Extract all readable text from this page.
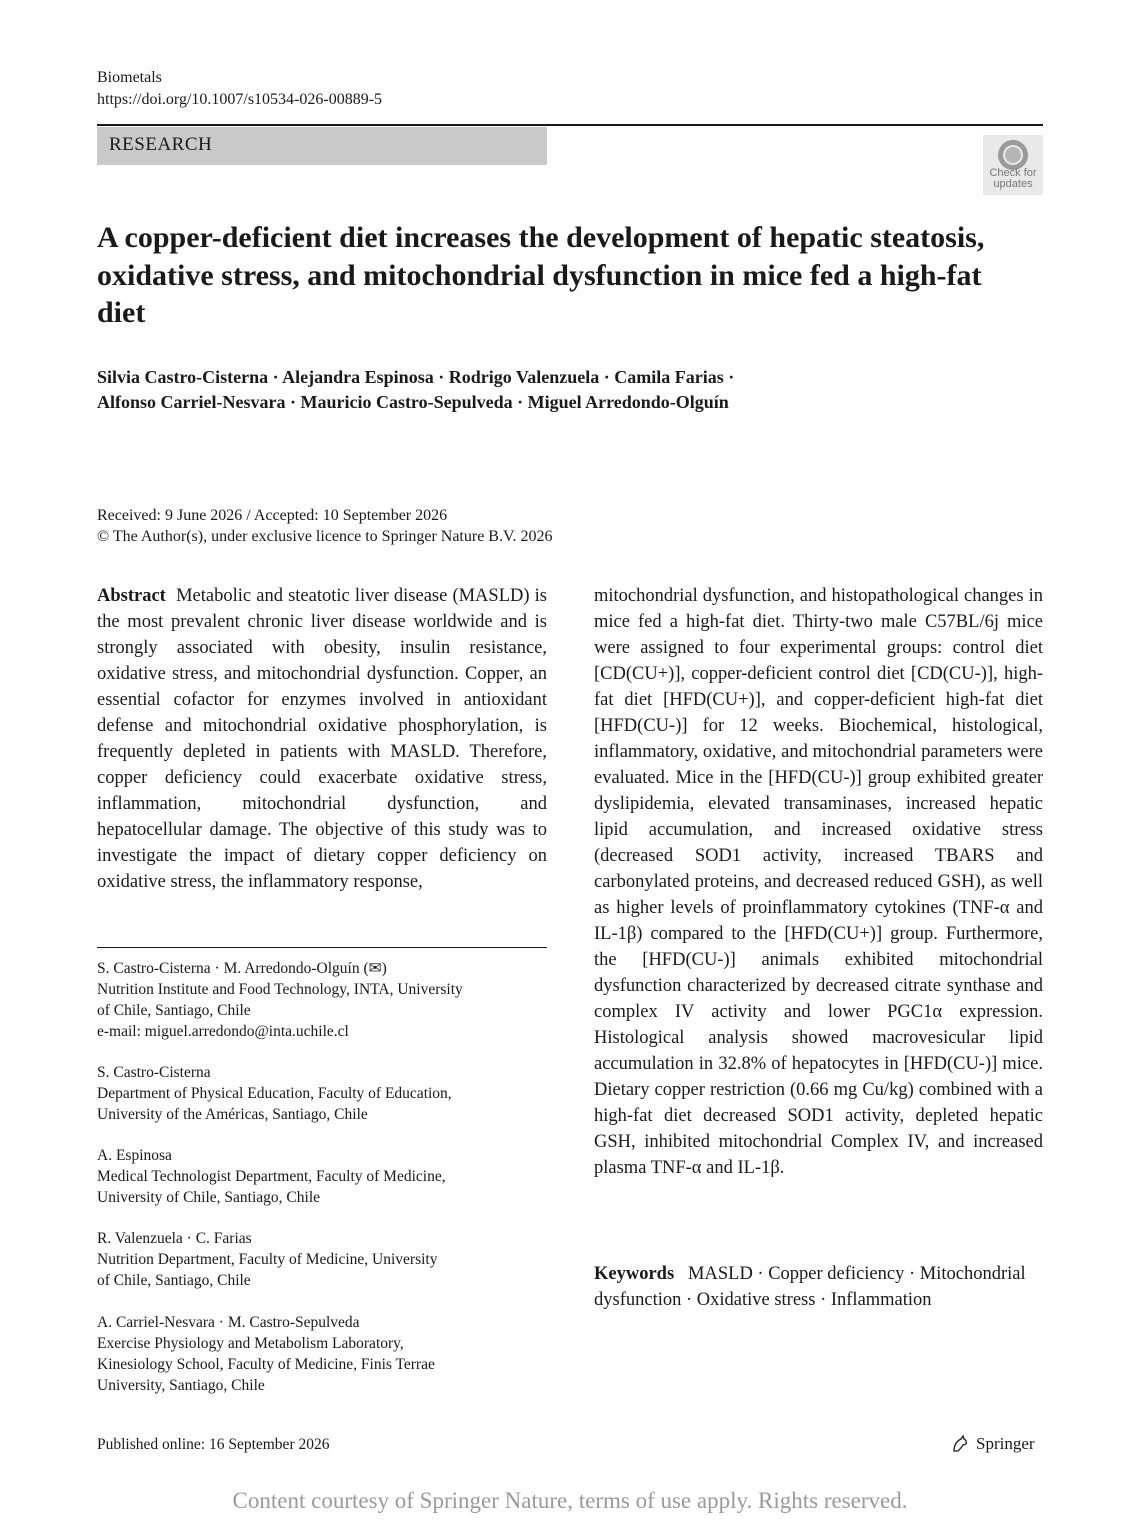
Biometals
https://doi.org/10.1007/s10534-026-00889-5
RESEARCH
Check for
updates
A copper-deficient diet increases the development of hepatic steatosis, oxidative stress, and mitochondrial dysfunction in mice fed a high-fat diet
Silvia Castro-Cisterna · Alejandra Espinosa · Rodrigo Valenzuela · Camila Farias ·
Alfonso Carriel-Nesvara · Mauricio Castro-Sepulveda · Miguel Arredondo-Olguín
Received: 9 June 2026 / Accepted: 10 September 2026
© The Author(s), under exclusive licence to Springer Nature B.V. 2026
Abstract Metabolic and steatotic liver disease (MASLD) is the most prevalent chronic liver disease worldwide and is strongly associated with obesity, insulin resistance, oxidative stress, and mitochondrial dysfunction. Copper, an essential cofactor for enzymes involved in antioxidant defense and mitochondrial oxidative phosphorylation, is frequently depleted in patients with MASLD. Therefore, copper deficiency could exacerbate oxidative stress, inflammation, mitochondrial dysfunction, and hepatocellular damage. The objective of this study was to investigate the impact of dietary copper deficiency on oxidative stress, the inflammatory response,
mitochondrial dysfunction, and histopathological changes in mice fed a high-fat diet. Thirty-two male C57BL/6j mice were assigned to four experimental groups: control diet [CD(CU+)], copper-deficient control diet [CD(CU-)], high-fat diet [HFD(CU+)], and copper-deficient high-fat diet [HFD(CU-)] for 12 weeks. Biochemical, histological, inflammatory, oxidative, and mitochondrial parameters were evaluated. Mice in the [HFD(CU-)] group exhibited greater dyslipidemia, elevated transaminases, increased hepatic lipid accumulation, and increased oxidative stress (decreased SOD1 activity, increased TBARS and carbonylated proteins, and decreased reduced GSH), as well as higher levels of proinflammatory cytokines (TNF-α and IL-1β) compared to the [HFD(CU+)] group. Furthermore, the [HFD(CU-)] animals exhibited mitochondrial dysfunction characterized by decreased citrate synthase and complex IV activity and lower PGC1α expression. Histological analysis showed macrovesicular lipid accumulation in 32.8% of hepatocytes in [HFD(CU-)] mice. Dietary copper restriction (0.66 mg Cu/kg) combined with a high-fat diet decreased SOD1 activity, depleted hepatic GSH, inhibited mitochondrial Complex IV, and increased plasma TNF-α and IL-1β.
Keywords MASLD · Copper deficiency · Mitochondrial dysfunction · Oxidative stress · Inflammation
S. Castro-Cisterna · M. Arredondo-Olguín (✉)
Nutrition Institute and Food Technology, INTA, University
of Chile, Santiago, Chile
e-mail: miguel.arredondo@inta.uchile.cl
S. Castro-Cisterna
Department of Physical Education, Faculty of Education,
University of the Américas, Santiago, Chile
A. Espinosa
Medical Technologist Department, Faculty of Medicine,
University of Chile, Santiago, Chile
R. Valenzuela · C. Farias
Nutrition Department, Faculty of Medicine, University
of Chile, Santiago, Chile
A. Carriel-Nesvara · M. Castro-Sepulveda
Exercise Physiology and Metabolism Laboratory,
Kinesiology School, Faculty of Medicine, Finis Terrae
University, Santiago, Chile
Published online: 16 September 2026	Springer
Content courtesy of Springer Nature, terms of use apply. Rights reserved.
